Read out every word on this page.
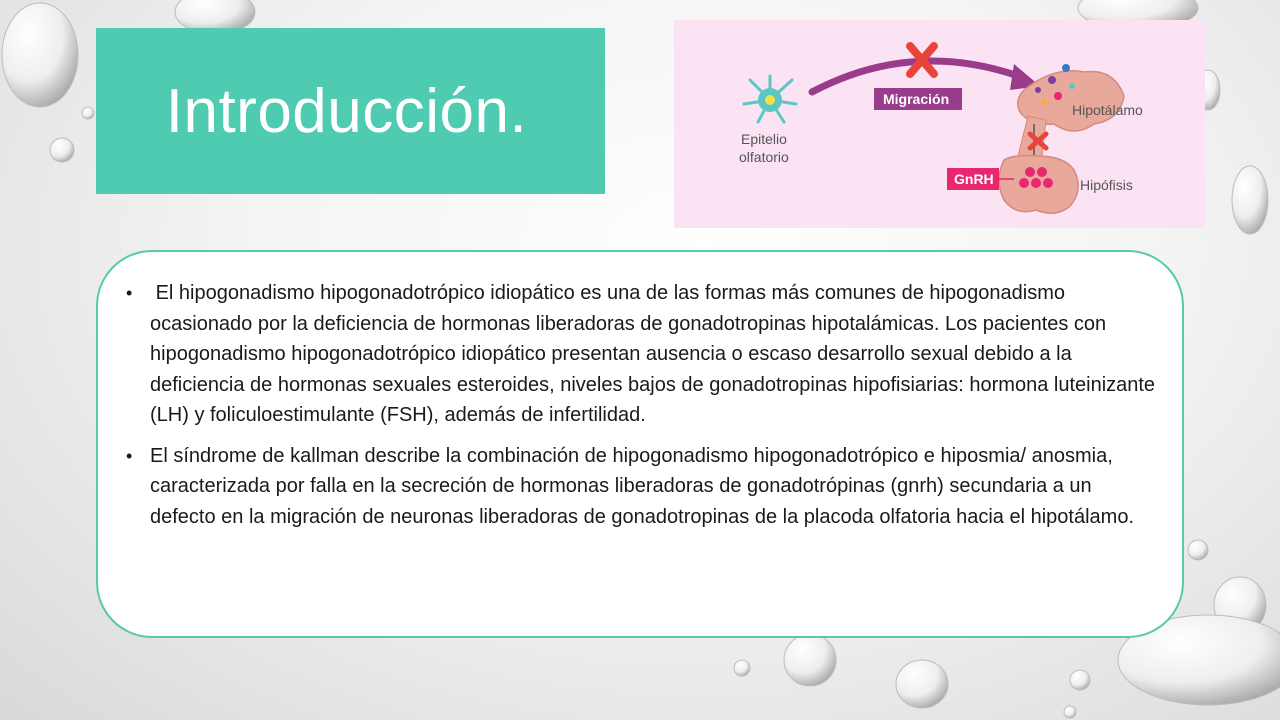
Introducción.	Epitelio
olfatorio
Migración
Hipotálamo
Hipófisis
GnRH
• El hipogonadismo hipogonadotrópico idiopático es una de las formas más comunes de hipogonadismo ocasionado por la deficiencia de hormonas liberadoras de gonadotropinas hipotalámicas. Los pacientes con hipogonadismo hipogonadotrópico idiopático presentan ausencia o escaso desarrollo sexual debido a la deficiencia de hormonas sexuales esteroides, niveles bajos de gonadotropinas hipofisiarias: hormona luteinizante (LH) y foliculoestimulante (FSH), además de infertilidad.
• El síndrome de kallman describe la combinación de hipogonadismo hipogonadotrópico e hiposmia/ anosmia, caracterizada por falla en la secreción de hormonas liberadoras de gonadotrópinas (gnrh) secundaria a un defecto en la migración de neuronas liberadoras de gonadotropinas de la placoda olfatoria hacia el hipotálamo.
